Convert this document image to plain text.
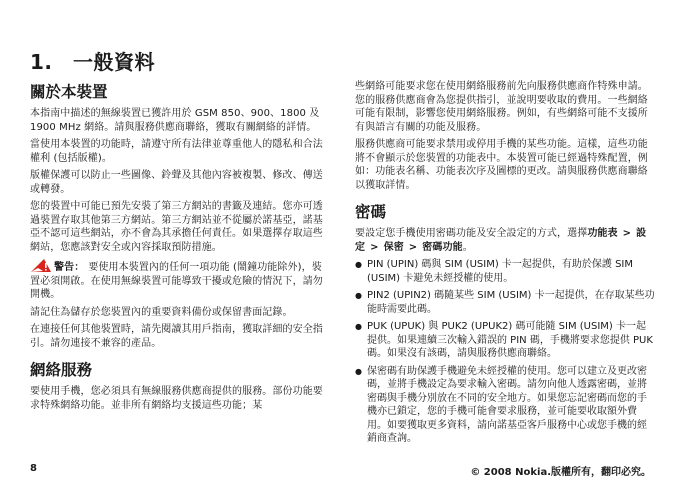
1.　一般資料
關於本裝置

本指南中描述的無線裝置已獲許用於 GSM 850、900、1800 及 1900 MHz 網絡。請與服務供應商聯絡，獲取有關網絡的詳情。

當使用本裝置的功能時，請遵守所有法律並尊重他人的隱私和合法權利 (包括版權)。

版權保護可以防止一些圖像、鈴聲及其他內容被複製、修改、傳送或轉發。

您的裝置中可能已預先安裝了第三方網站的書籤及連結。您亦可透過裝置存取其他第三方網站。第三方網站並不從屬於諾基亞，諾基亞不認可這些網站，亦不會為其承擔任何責任。如果選擇存取這些網站，您應該對安全或內容採取預防措施。

警告： 要使用本裝置內的任何一項功能 (鬧鐘功能除外)，裝置必須開啟。在使用無線裝置可能導致干擾或危險的情況下，請勿開機。

請記住為儲存於您裝置內的重要資料備份或保留書面記錄。

在連接任何其他裝置時，請先閱讀其用戶指南，獲取詳細的安全指引。請勿連接不兼容的產品。

網絡服務

要使用手機，您必須具有無線服務供應商提供的服務。部份功能要求特殊網絡功能。並非所有網絡均支援這些功能；某

些網絡可能要求您在使用網絡服務前先向服務供應商作特殊申請。您的服務供應商會為您提供指引，並說明要收取的費用。一些網絡可能有限制，影響您使用網絡服務。例如，有些網絡可能不支援所有與語言有關的功能及服務。

服務供應商可能要求禁用或停用手機的某些功能。這樣，這些功能將不會顯示於您裝置的功能表中。本裝置可能已經過特殊配置，例如：功能表名稱、功能表次序及圖標的更改。請與服務供應商聯絡以獲取詳情。

密碼

要設定您手機使用密碼功能及安全設定的方式，選擇功能表 > 設定 > 保密 > 密碼功能。

● PIN (UPIN) 碼與 SIM (USIM) 卡一起提供，有助於保護 SIM (USIM) 卡避免未經授權的使用。
● PIN2 (UPIN2) 碼隨某些 SIM (USIM) 卡一起提供，在存取某些功能時需要此碼。
● PUK (UPUK) 與 PUK2 (UPUK2) 碼可能隨 SIM (USIM) 卡一起提供。如果連續三次輸入錯誤的 PIN 碼，手機將要求您提供 PUK 碼。如果沒有該碼，請與服務供應商聯絡。
● 保密碼有助保護手機避免未經授權的使用。您可以建立及更改密碼，並將手機設定為要求輸入密碼。請勿向他人透露密碼，並將密碼與手機分別放在不同的安全地方。如果您忘記密碼而您的手機亦已鎖定，您的手機可能會要求服務，並可能要收取額外費用。如要獲取更多資料，請向諾基亞客戶服務中心或您手機的經銷商查詢。
8	© 2008 Nokia.版權所有，翻印必究。
